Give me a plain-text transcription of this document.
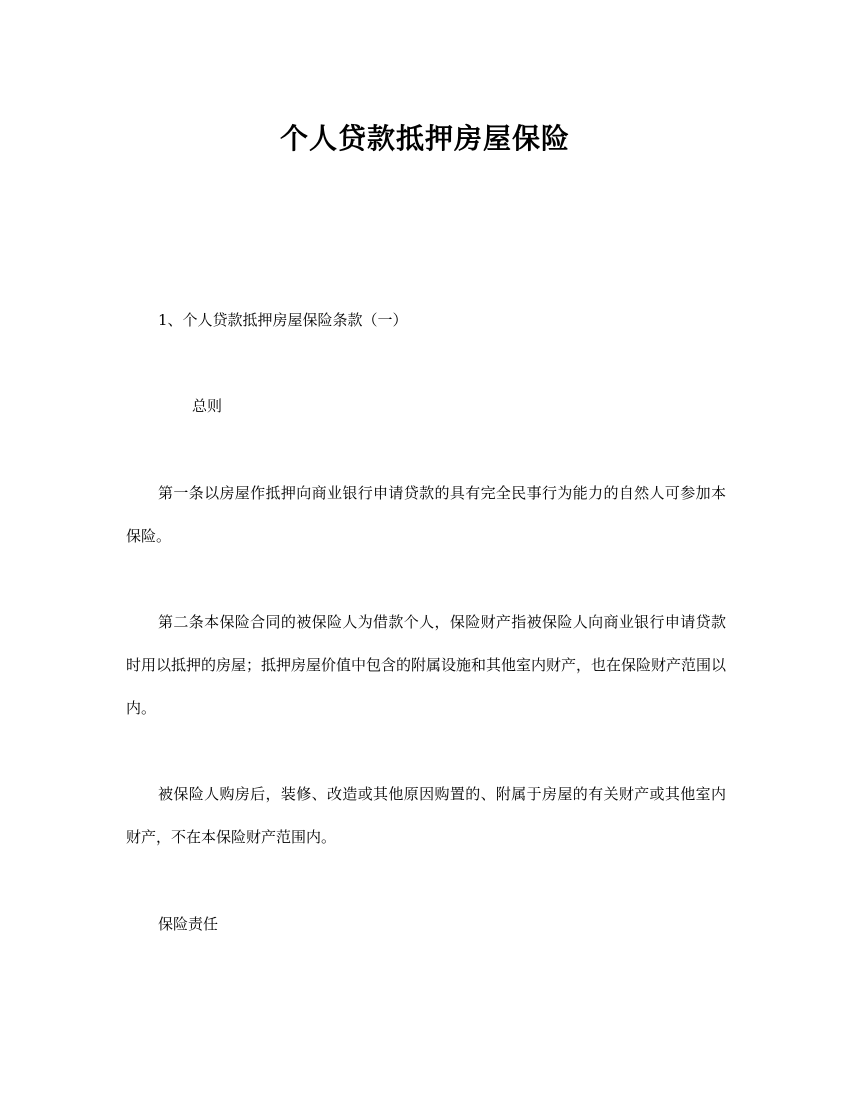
个人贷款抵押房屋保险

1、个人贷款抵押房屋保险条款（一）

总则

第一条以房屋作抵押向商业银行申请贷款的具有完全民事行为能力的自然人可参加本保险。

第二条本保险合同的被保险人为借款个人，保险财产指被保险人向商业银行申请贷款时用以抵押的房屋；抵押房屋价值中包含的附属设施和其他室内财产，也在保险财产范围以内。

被保险人购房后，装修、改造或其他原因购置的、附属于房屋的有关财产或其他室内财产，不在本保险财产范围内。

保险责任
